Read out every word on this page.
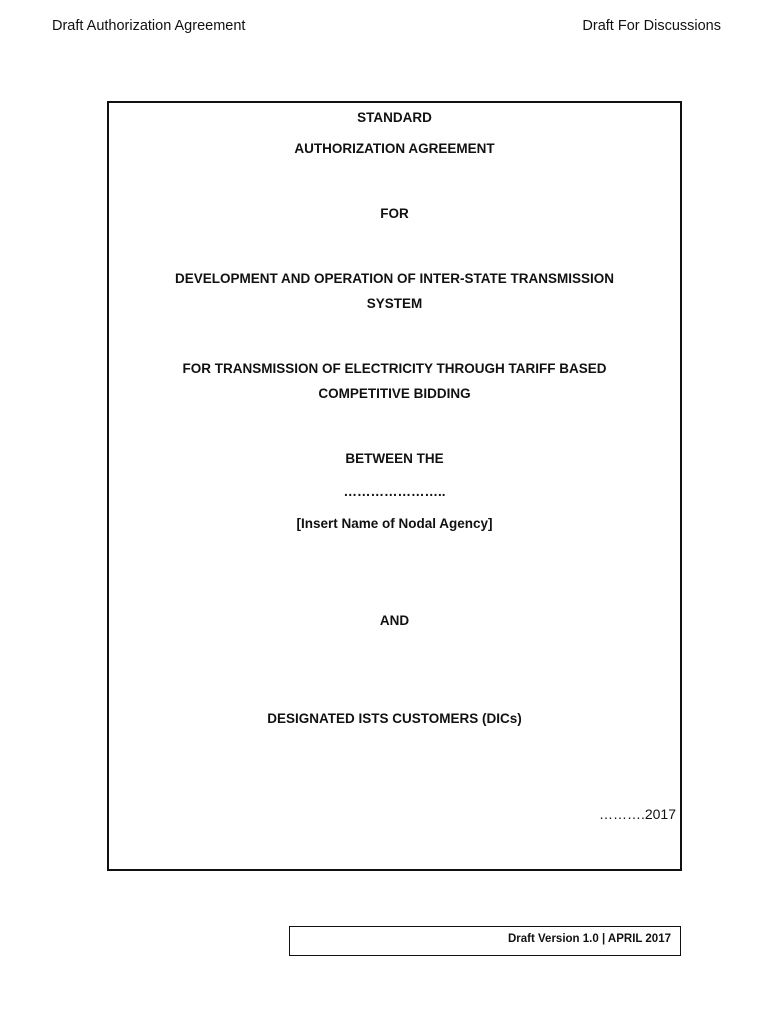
Draft Authorization Agreement	Draft For Discussions
STANDARD
AUTHORIZATION AGREEMENT
FOR
DEVELOPMENT AND OPERATION OF INTER-STATE TRANSMISSION
SYSTEM
FOR TRANSMISSION OF ELECTRICITY THROUGH TARIFF BASED
COMPETITIVE BIDDING
BETWEEN THE
…………………..
[Insert Name of Nodal Agency]
AND
DESIGNATED ISTS CUSTOMERS (DICs)
……….2017
Draft Version 1.0 | APRIL 2017
